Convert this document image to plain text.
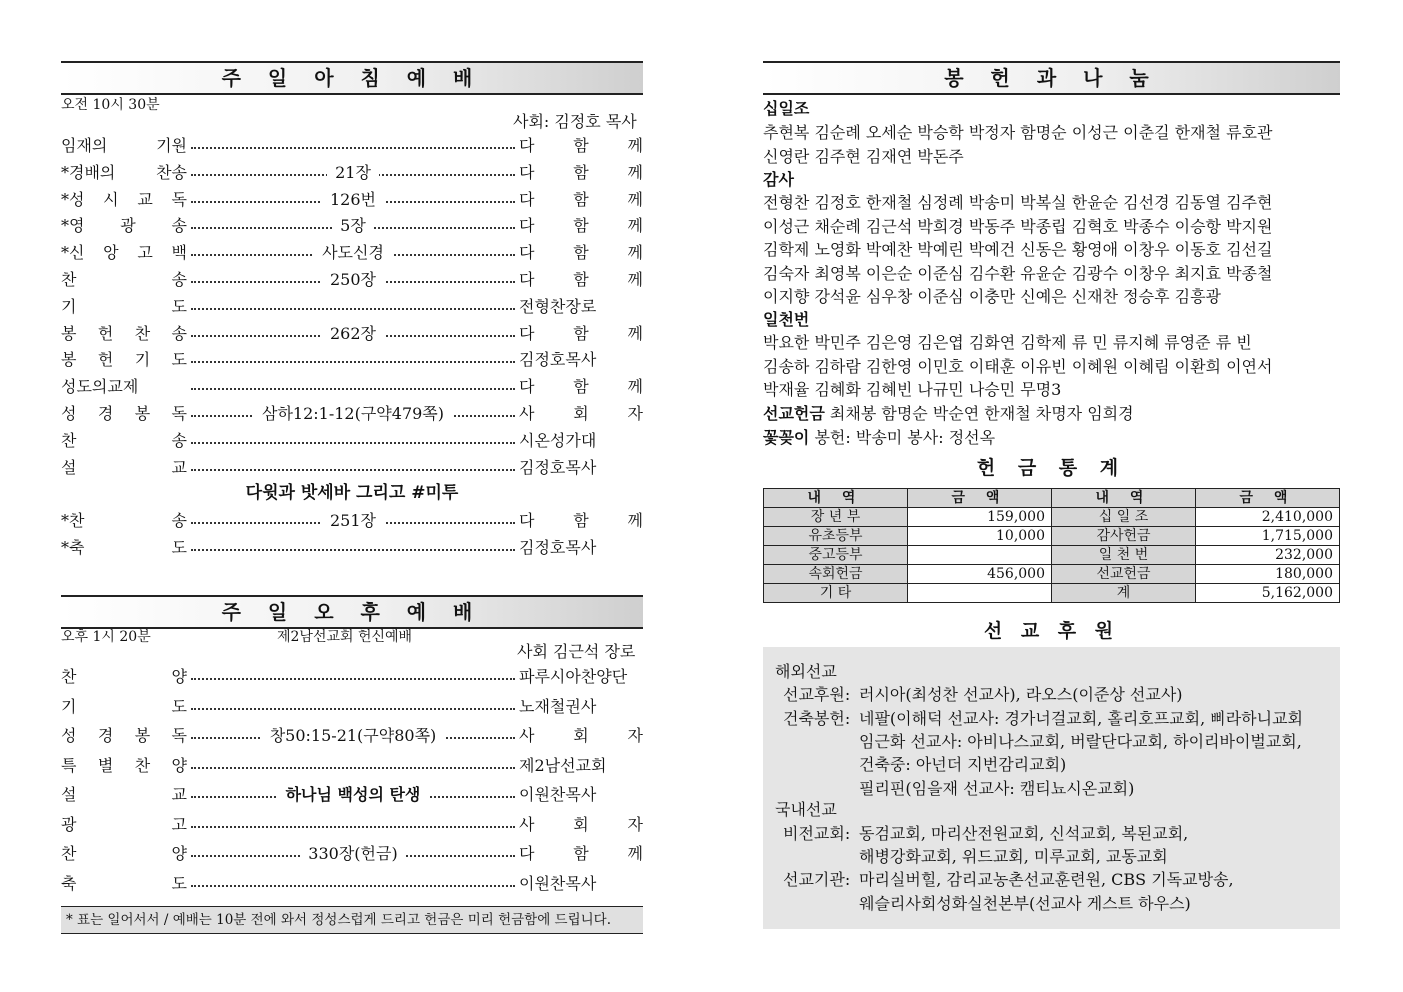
주 일 아 침 예 배
오전 10시 30분
사회: 김정호 목사
임재의 기원	다 함 께
*경배의 찬송	21장	다 함 께
*성 시 교 독	126번	다 함 께
*영 광 송	5장	다 함 께
*신 앙 고 백	사도신경	다 함 께
찬 송	250장	다 함 께
기 도	전형찬장로
봉 헌 찬 송	262장	다 함 께
봉 헌 기 도	김정호목사
성도의교제	다 함 께
성 경 봉 독	삼하12:1-12(구약479쪽)	사 회 자
찬 송	시온성가대
설 교	김정호목사
다윗과 밧세바 그리고 #미투
*찬 송	251장	다 함 께
*축 도	김정호목사
주 일 오 후 예 배
오후 1시 20분	제2남선교회 헌신예배
사회 김근석 장로
찬 양	파루시아찬양단
기 도	노재철권사
성 경 봉 독	창50:15-21(구약80쪽)	사 회 자
특 별 찬 양	제2남선교회
설 교	하나님 백성의 탄생	이원찬목사
광 고	사 회 자
찬 양	330장(헌금)	다 함 께
축 도	이원찬목사
* 표는 일어서서 / 예배는 10분 전에 와서 정성스럽게 드리고 헌금은 미리 헌금함에 드립니다.
봉 헌 과 나 눔
십일조
추현복 김순례 오세순 박승학 박정자 함명순 이성근 이춘길 한재철 류호관
신영란 김주현 김재연 박돈주
감사
전형찬 김정호 한재철 심정례 박송미 박복실 한윤순 김선경 김동열 김주현
이성근 채순례 김근석 박희경 박동주 박종립 김혁호 박종수 이승항 박지원
김학제 노영화 박예찬 박예린 박예건 신동은 황영애 이창우 이동호 김선길
김숙자 최영복 이은순 이준심 김수환 유윤순 김광수 이창우 최지효 박종철
이지향 강석윤 심우창 이준심 이충만 신예은 신재찬 정승후 김흥광
일천번
박요한 박민주 김은영 김은엽 김화연 김학제 류 민 류지혜 류영준 류 빈
김송하 김하람 김한영 이민호 이태훈 이유빈 이혜원 이혜림 이환희 이연서
박재율 김혜화 김혜빈 나규민 나승민 무명3
선교헌금 최채봉 함명순 박순연 한재철 차명자 임희경
꽃꽂이 봉헌: 박송미 봉사: 정선옥
헌 금 통 계
내 역	금 액	내 역	금 액
장 년 부	159,000	십 일 조	2,410,000
유초등부	10,000	감사헌금	1,715,000
중고등부		일 천 번	232,000
속회헌금	456,000	선교헌금	180,000
기 타		계	5,162,000
선 교 후 원
해외선교
선교후원: 러시아(최성찬 선교사), 라오스(이준상 선교사)
건축봉헌: 네팔(이해덕 선교사: 경가너걸교회, 홀리호프교회, 삐라하니교회
임근화 선교사: 아비나스교회, 버랄단다교회, 하이리바이벌교회,
건축중: 아넌더 지번감리교회)
필리핀(임을재 선교사: 캠티뇨시온교회)
국내선교
비전교회: 동검교회, 마리산전원교회, 신석교회, 복된교회,
해병강화교회, 위드교회, 미루교회, 교동교회
선교기관: 마리실버힐, 감리교농촌선교훈련원, CBS 기독교방송,
웨슬리사회성화실천본부(선교사 게스트 하우스)
